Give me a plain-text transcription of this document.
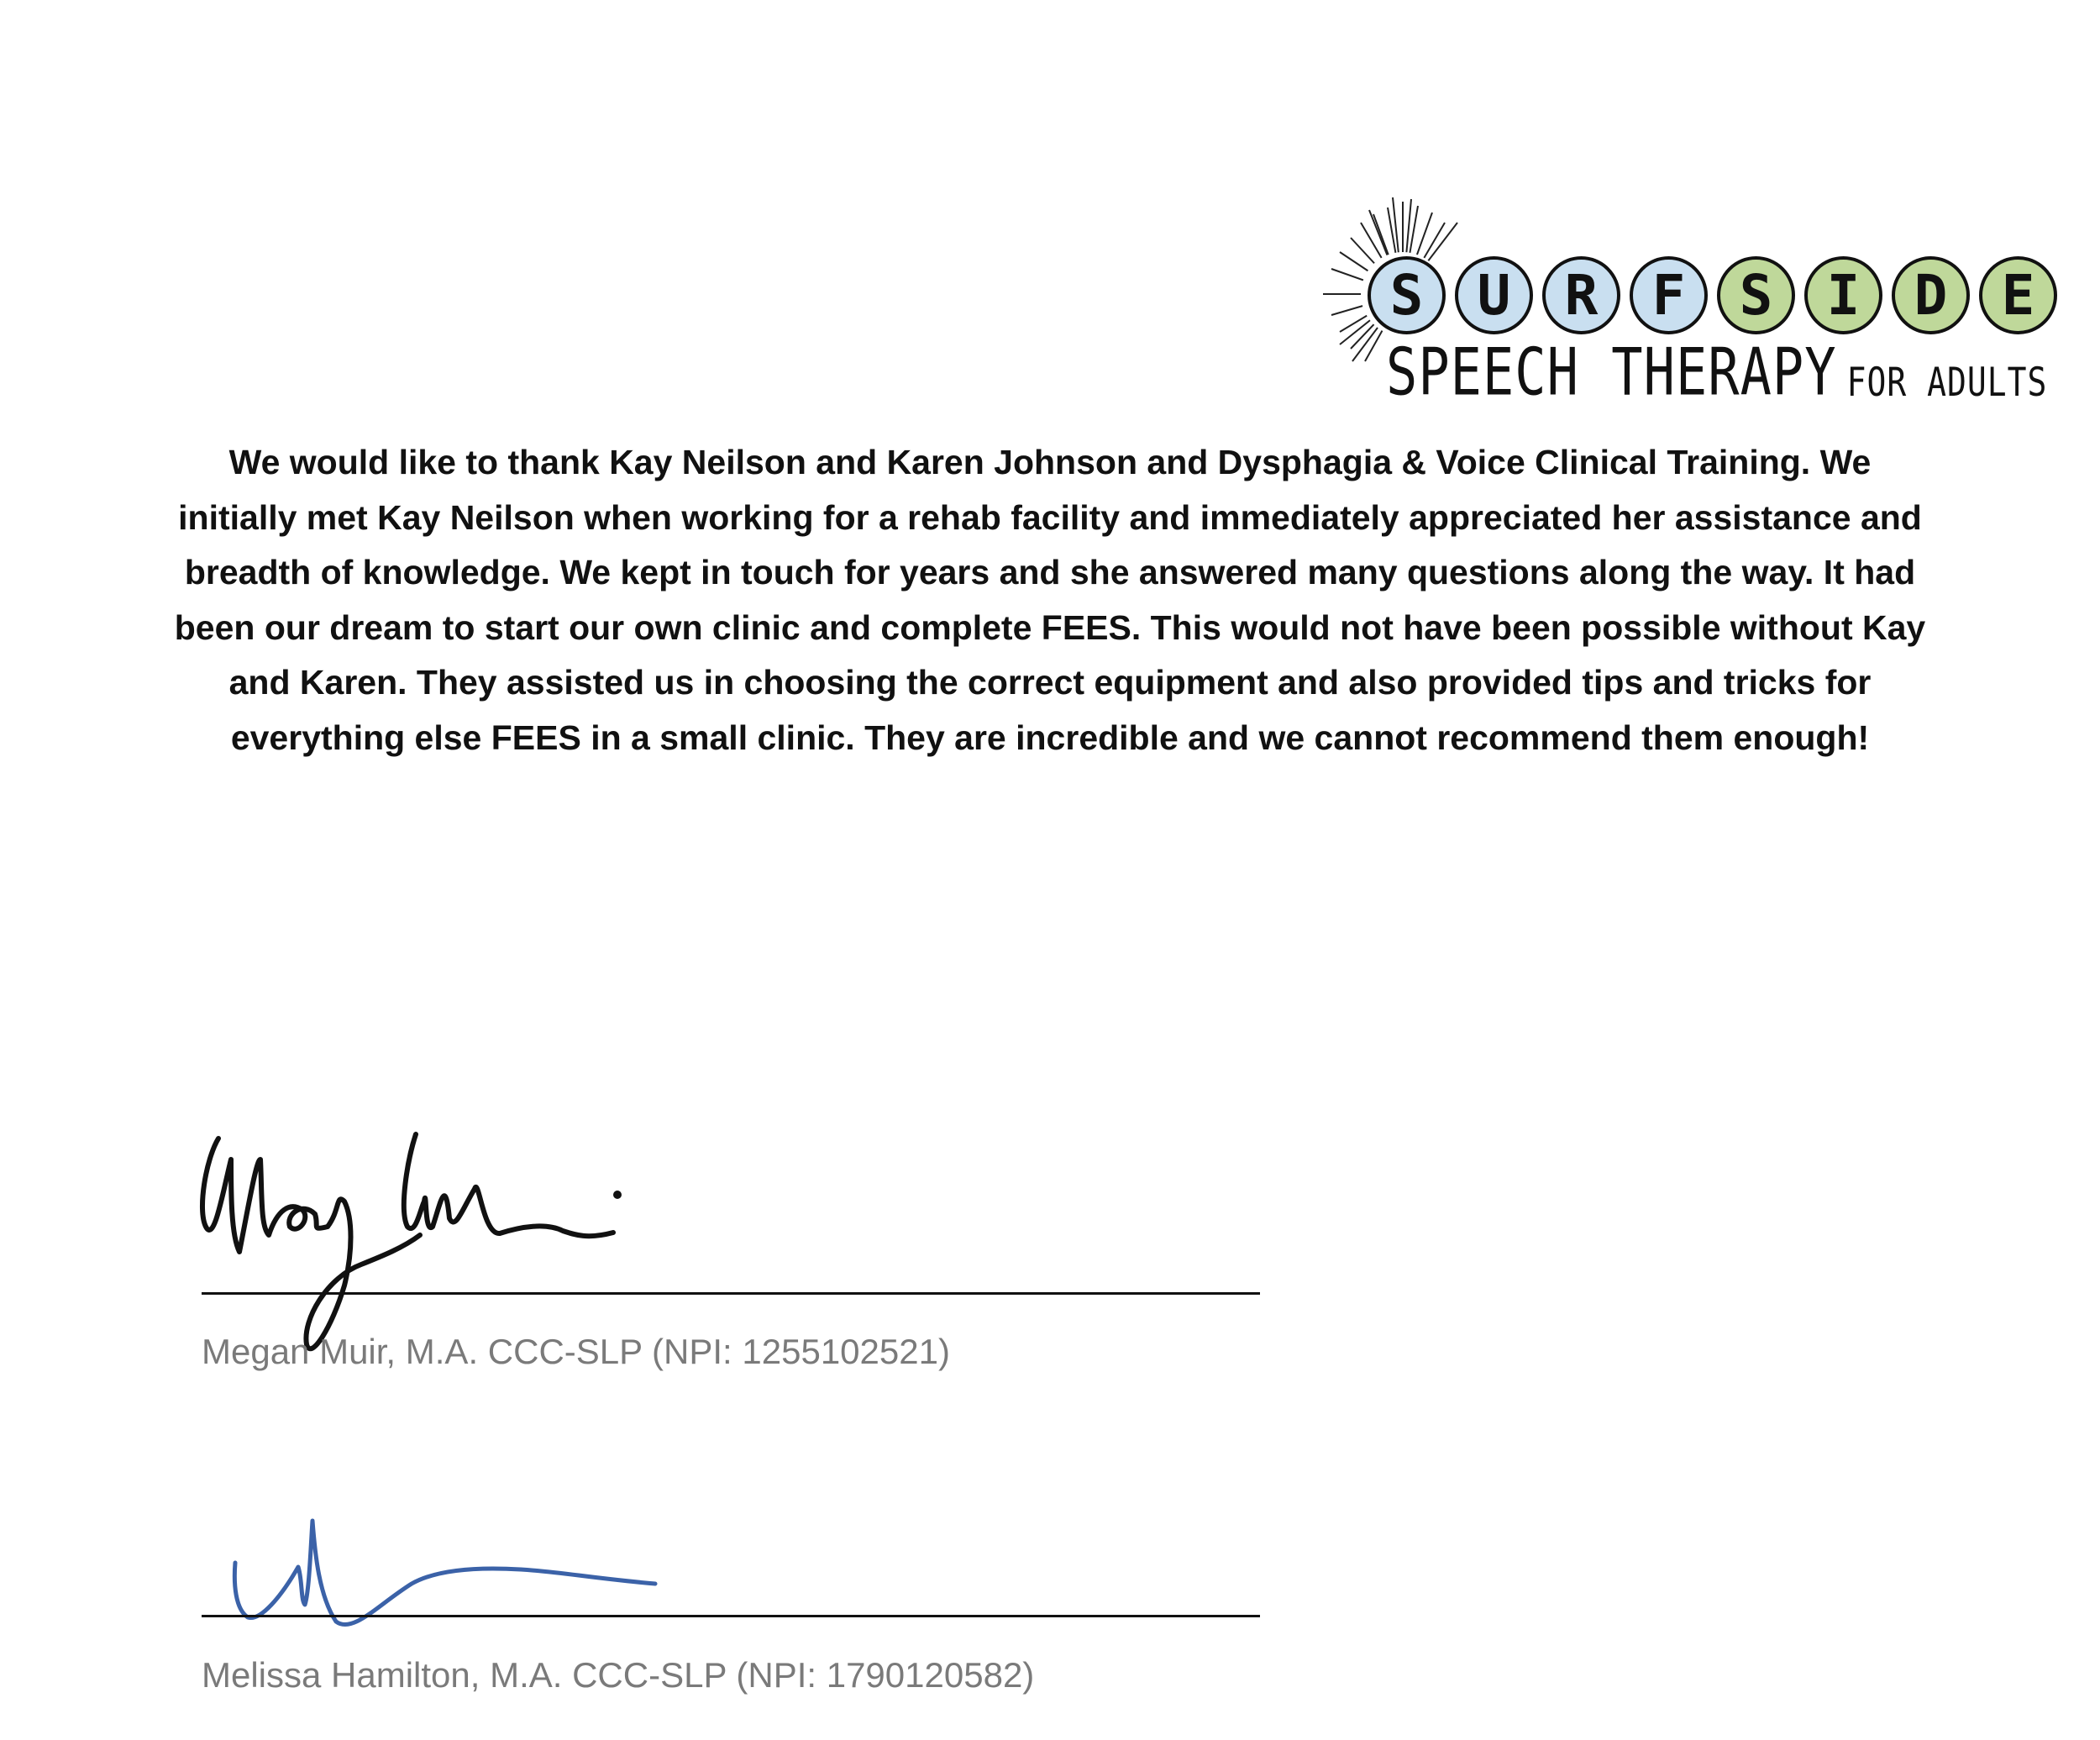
S U R F S I D E
SPEECH THERAPY FOR ADULTS

We would like to thank Kay Neilson and Karen Johnson and Dysphagia & Voice Clinical Training. We initially met Kay Neilson when working for a rehab facility and immediately appreciated her assistance and breadth of knowledge. We kept in touch for years and she answered many questions along the way. It had been our dream to start our own clinic and complete FEES. This would not have been possible without Kay and Karen. They assisted us in choosing the correct equipment and also provided tips and tricks for everything else FEES in a small clinic. They are incredible and we cannot recommend them enough!

Megan Muir, M.A. CCC-SLP (NPI: 1255102521)
Melissa Hamilton, M.A. CCC-SLP (NPI: 1790120582)
